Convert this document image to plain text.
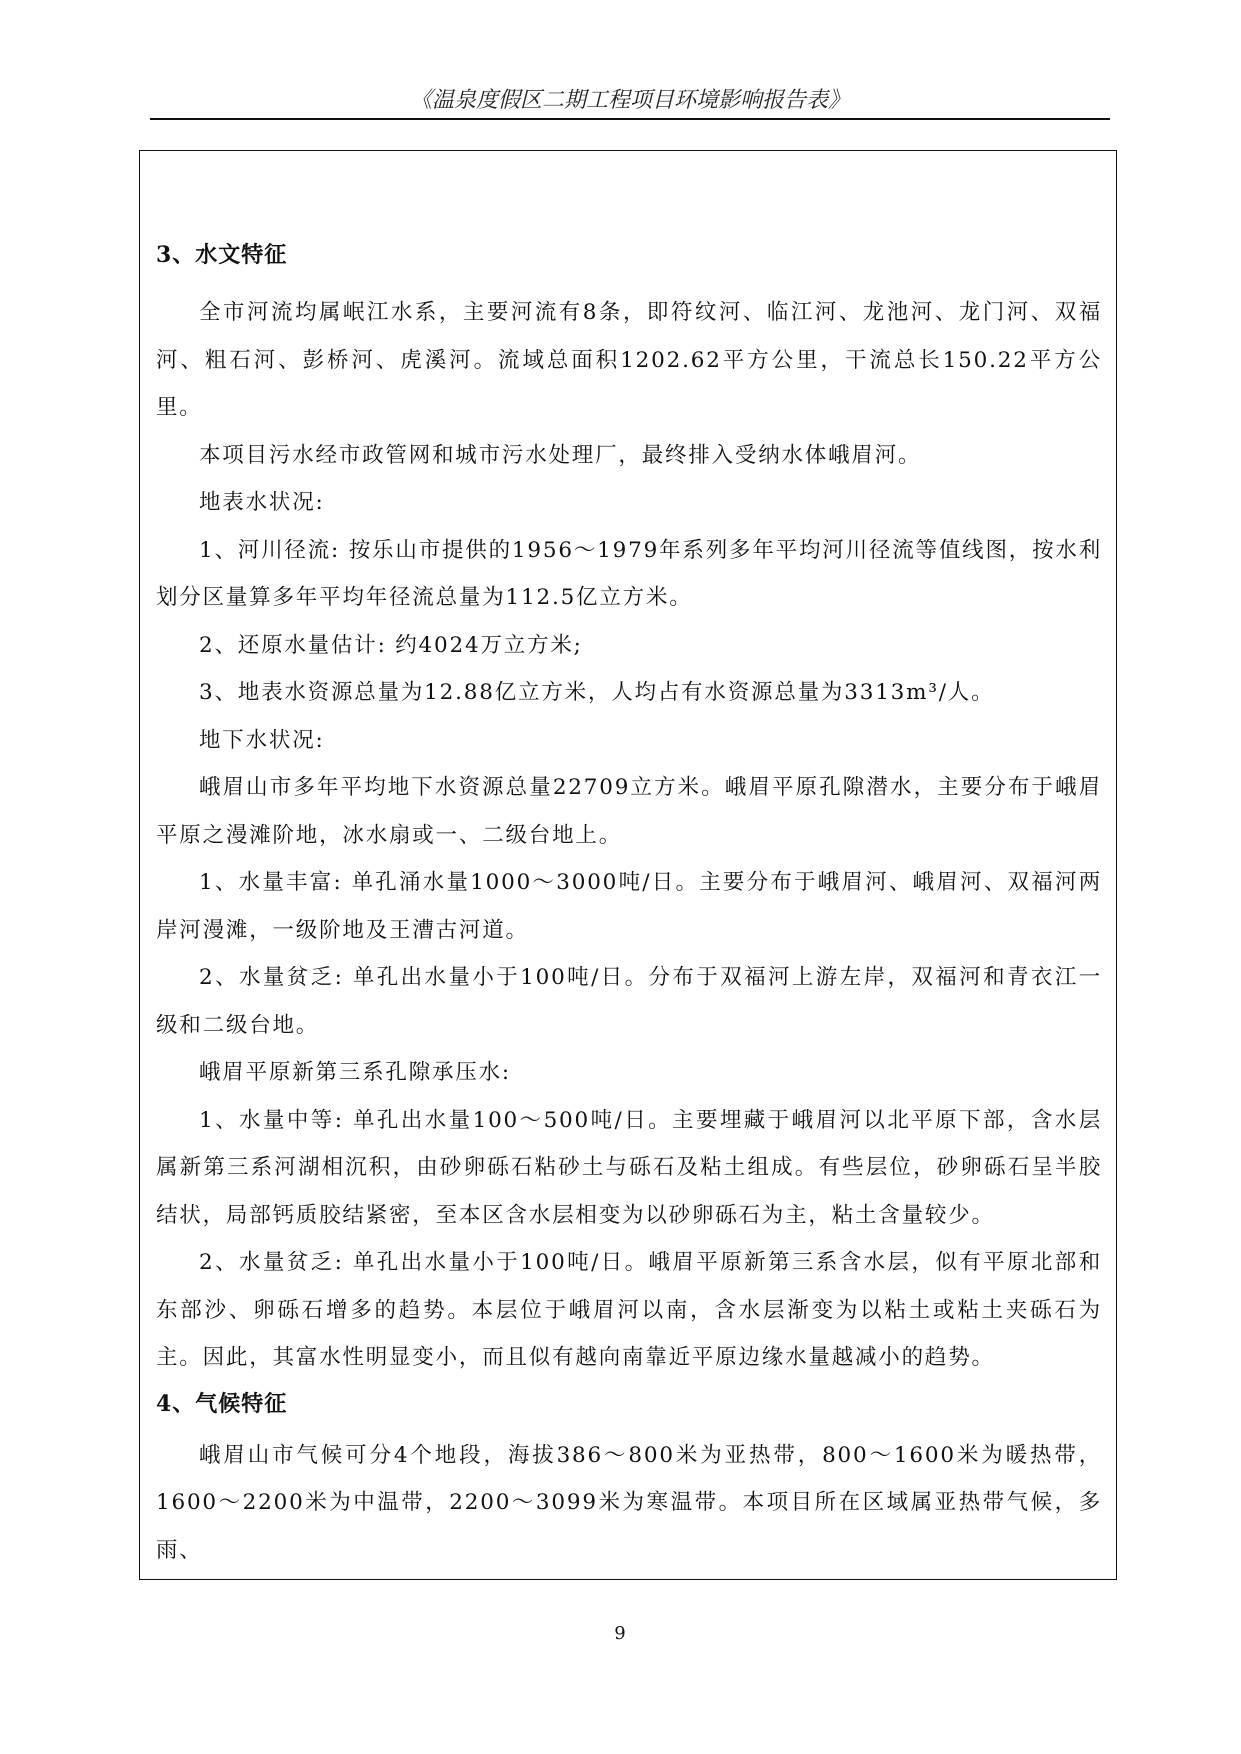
《温泉度假区二期工程项目环境影响报告表》
3、水文特征

全市河流均属岷江水系，主要河流有8条，即符纹河、临江河、龙池河、龙门河、双福河、粗石河、彭桥河、虎溪河。流域总面积1202.62平方公里，干流总长150.22平方公里。

本项目污水经市政管网和城市污水处理厂，最终排入受纳水体峨眉河。

地表水状况:

1、河川径流: 按乐山市提供的1956～1979年系列多年平均河川径流等值线图，按水利划分区量算多年平均年径流总量为112.5亿立方米。

2、还原水量估计: 约4024万立方米;

3、地表水资源总量为12.88亿立方米，人均占有水资源总量为3313m³/人。

地下水状况:

峨眉山市多年平均地下水资源总量22709立方米。峨眉平原孔隙潜水，主要分布于峨眉平原之漫滩阶地，冰水扇或一、二级台地上。

1、水量丰富: 单孔涌水量1000～3000吨/日。主要分布于峨眉河、峨眉河、双福河两岸河漫滩，一级阶地及王漕古河道。

2、水量贫乏: 单孔出水量小于100吨/日。分布于双福河上游左岸，双福河和青衣江一级和二级台地。

峨眉平原新第三系孔隙承压水:

1、水量中等: 单孔出水量100～500吨/日。主要埋藏于峨眉河以北平原下部，含水层属新第三系河湖相沉积，由砂卵砾石粘砂土与砾石及粘土组成。有些层位，砂卵砾石呈半胶结状，局部钙质胶结紧密，至本区含水层相变为以砂卵砾石为主，粘土含量较少。

2、水量贫乏: 单孔出水量小于100吨/日。峨眉平原新第三系含水层，似有平原北部和东部沙、卵砾石增多的趋势。本层位于峨眉河以南，含水层渐变为以粘土或粘土夹砾石为主。因此，其富水性明显变小，而且似有越向南靠近平原边缘水量越减小的趋势。

4、气候特征

峨眉山市气候可分4个地段，海拔386～800米为亚热带，800～1600米为暖热带，1600～2200米为中温带，2200～3099米为寒温带。本项目所在区域属亚热带气候，多雨、

9
